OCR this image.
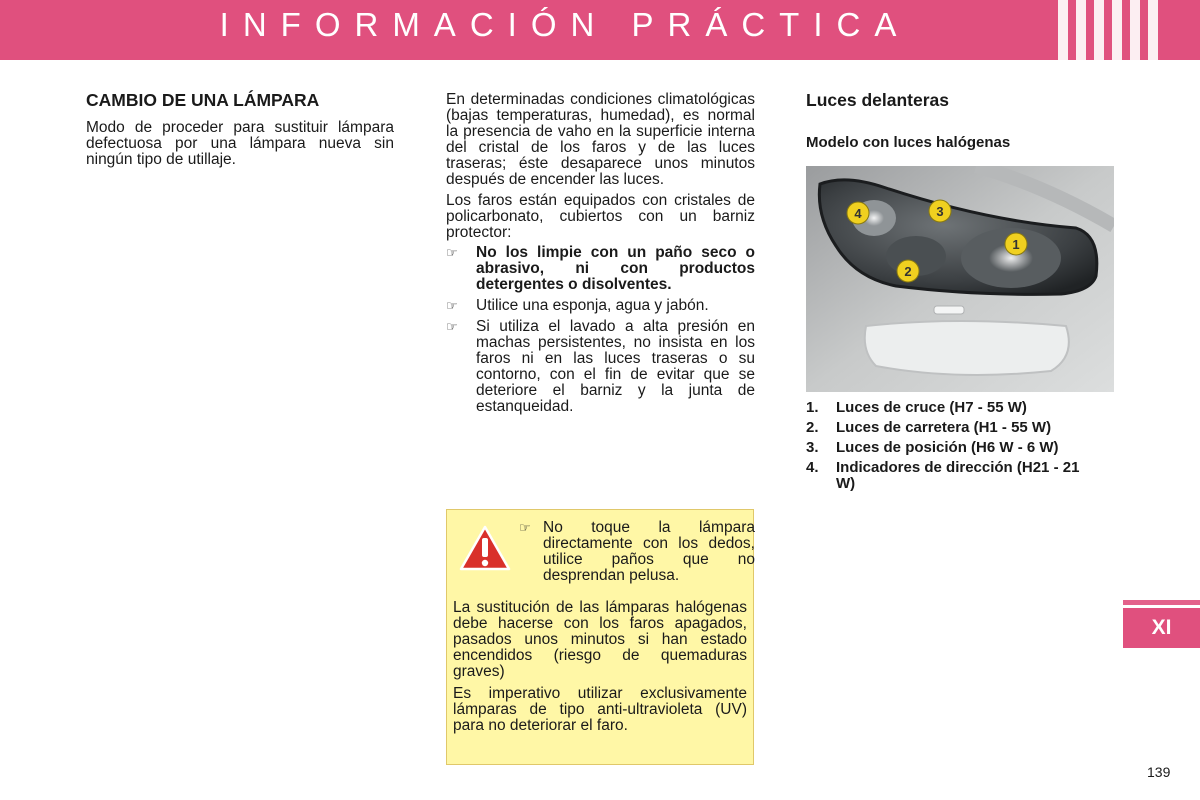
INFORMACIÓN PRÁCTICA
CAMBIO DE UNA LÁMPARA

Modo de proceder para sustituir lámpara defectuosa por una lámpara nueva sin ningún tipo de utillaje.

En determinadas condiciones climatológicas (bajas temperaturas, humedad), es normal la presencia de vaho en la superficie interna del cristal de los faros y de las luces traseras; éste desaparece unos minutos después de encender las luces.

Los faros están equipados con cristales de policarbonato, cubiertos con un barniz protector:

☞ No los limpie con un paño seco o abrasivo, ni con productos detergentes o disolventes.
☞ Utilice una esponja, agua y jabón.
☞ Si utiliza el lavado a alta presión en machas persistentes, no insista en los faros ni en las luces traseras o su contorno, con el fin de evitar que se deteriore el barniz y la junta de estanqueidad.
☞ No toque la lámpara directamente con los dedos, utilice paños que no desprendan pelusa.

La sustitución de las lámparas halógenas debe hacerse con los faros apagados, pasados unos minutos si han estado encendidos (riesgo de quemaduras graves)

Es imperativo utilizar exclusivamente lámparas de tipo anti-ultravioleta (UV) para no deteriorar el faro.

Luces delanteras
Modelo con luces halógenas
4	3
1
2
1. Luces de cruce (H7 - 55 W)
2. Luces de carretera (H1 - 55 W)
3. Luces de posición (H6 W - 6 W)
4. Indicadores de dirección (H21 - 21 W)
XI
139
